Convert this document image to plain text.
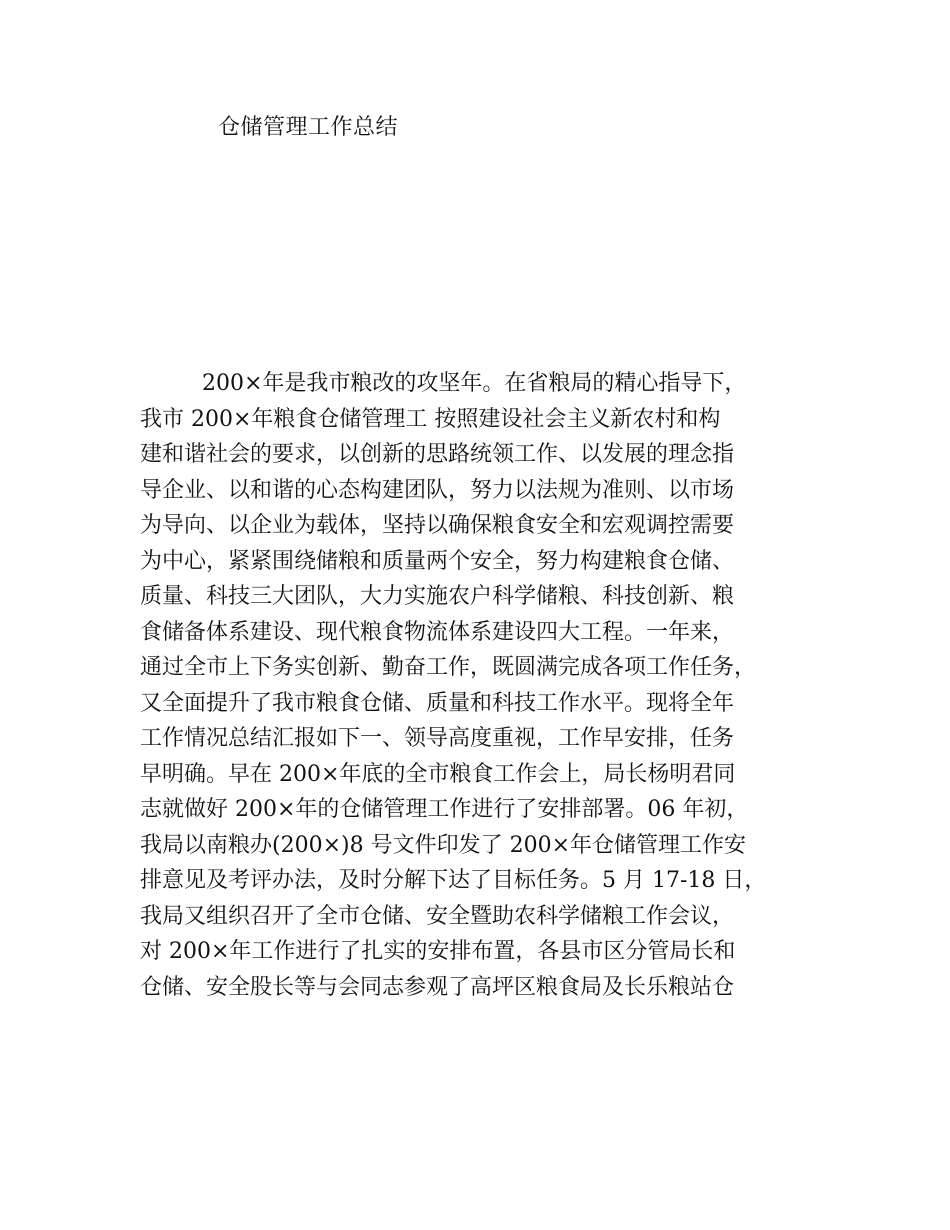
仓储管理工作总结
200×年是我市粮改的攻坚年。在省粮局的精心指导下，
我市 200×年粮食仓储管理工 按照建设社会主义新农村和构
建和谐社会的要求，以创新的思路统领工作、以发展的理念指
导企业、以和谐的心态构建团队，努力以法规为准则、以市场
为导向、以企业为载体，坚持以确保粮食安全和宏观调控需要
为中心，紧紧围绕储粮和质量两个安全，努力构建粮食仓储、
质量、科技三大团队，大力实施农户科学储粮、科技创新、粮
食储备体系建设、现代粮食物流体系建设四大工程。一年来，
通过全市上下务实创新、勤奋工作，既圆满完成各项工作任务，
又全面提升了我市粮食仓储、质量和科技工作水平。现将全年
工作情况总结汇报如下一、领导高度重视，工作早安排，任务
早明确。早在 200×年底的全市粮食工作会上，局长杨明君同
志就做好 200×年的仓储管理工作进行了安排部署。06 年初，
我局以南粮办(200×)8 号文件印发了 200×年仓储管理工作安
排意见及考评办法，及时分解下达了目标任务。5 月 17-18 日，
我局又组织召开了全市仓储、安全暨助农科学储粮工作会议，
对 200×年工作进行了扎实的安排布置，各县市区分管局长和
仓储、安全股长等与会同志参观了高坪区粮食局及长乐粮站仓
